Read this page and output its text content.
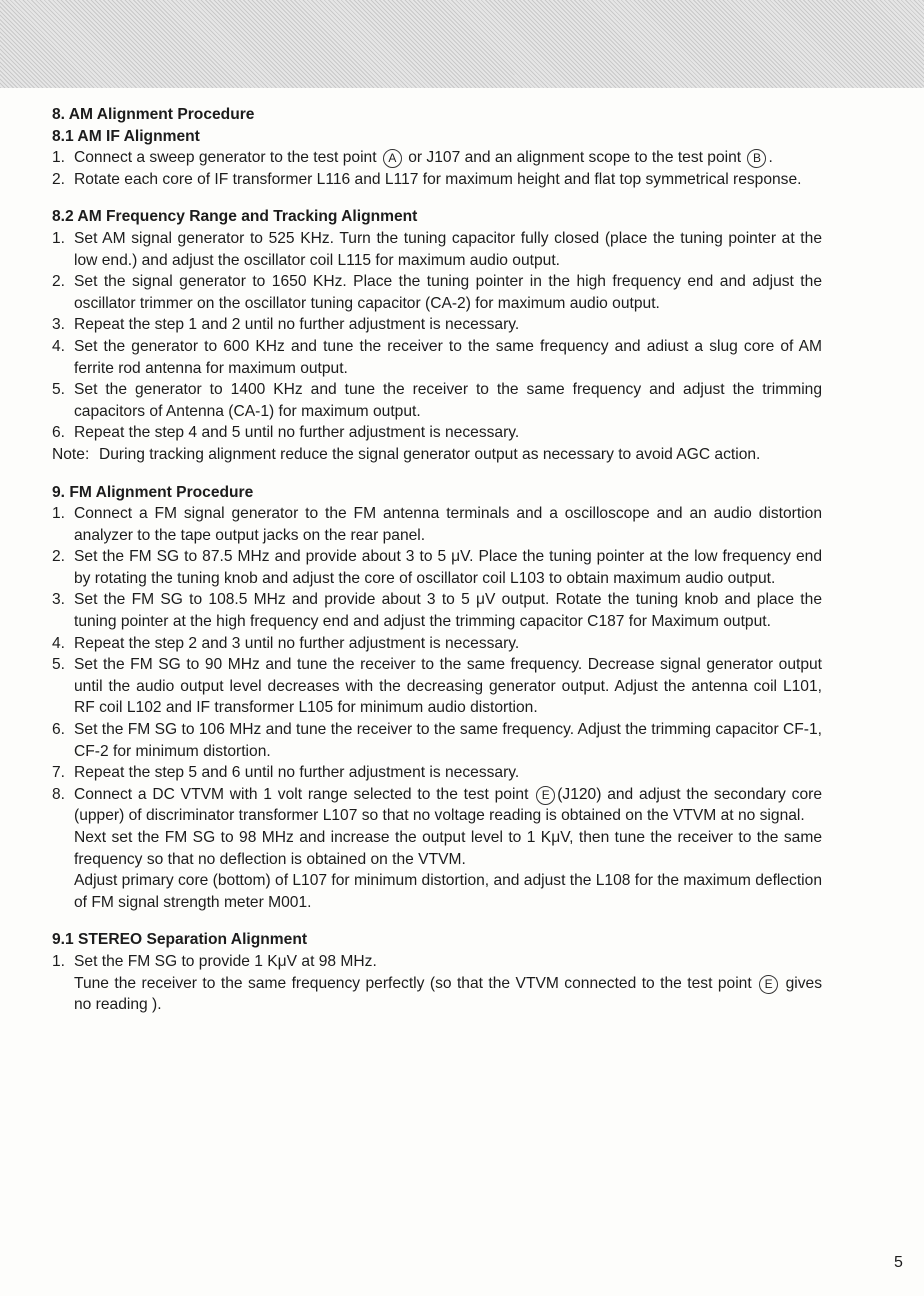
8. AM Alignment Procedure
8.1 AM IF Alignment
1. Connect a sweep generator to the test point A or J107 and an alignment scope to the test point B .
2. Rotate each core of IF transformer L116 and L117 for maximum height and flat top symmetrical response.
8.2 AM Frequency Range and Tracking Alignment
1. Set AM signal generator to 525 KHz. Turn the tuning capacitor fully closed (place the tuning pointer at the low end.) and adjust the oscillator coil L115 for maximum audio output.
2. Set the signal generator to 1650 KHz. Place the tuning pointer in the high frequency end and adjust the oscillator trimmer on the oscillator tuning capacitor (CA-2) for maximum audio output.
3. Repeat the step 1 and 2 until no further adjustment is necessary.
4. Set the generator to 600 KHz and tune the receiver to the same frequency and adiust a slug core of AM ferrite rod antenna for maximum output.
5. Set the generator to 1400 KHz and tune the receiver to the same frequency and adjust the trimming capacitors of Antenna (CA-1) for maximum output.
6. Repeat the step 4 and 5 until no further adjustment is necessary.
Note: During tracking alignment reduce the signal generator output as necessary to avoid AGC action.
9. FM Alignment Procedure
1. Connect a FM signal generator to the FM antenna terminals and a oscilloscope and an audio distortion analyzer to the tape output jacks on the rear panel.
2. Set the FM SG to 87.5 MHz and provide about 3 to 5 μV. Place the tuning pointer at the low frequency end by rotating the tuning knob and adjust the core of oscillator coil L103 to obtain maximum audio output.
3. Set the FM SG to 108.5 MHz and provide about 3 to 5 μV output. Rotate the tuning knob and place the tuning pointer at the high frequency end and adjust the trimming capacitor C187 for Maximum output.
4. Repeat the step 2 and 3 until no further adjustment is necessary.
5. Set the FM SG to 90 MHz and tune the receiver to the same frequency. Decrease signal generator output until the audio output level decreases with the decreasing generator output. Adjust the antenna coil L101, RF coil L102 and IF transformer L105 for minimum audio distortion.
6. Set the FM SG to 106 MHz and tune the receiver to the same frequency. Adjust the trimming capacitor CF-1, CF-2 for minimum distortion.
7. Repeat the step 5 and 6 until no further adjustment is necessary.
8. Connect a DC VTVM with 1 volt range selected to the test point E (J120) and adjust the secondary core (upper) of discriminator transformer L107 so that no voltage reading is obtained on the VTVM at no signal.
Next set the FM SG to 98 MHz and increase the output level to 1 KμV, then tune the receiver to the same frequency so that no deflection is obtained on the VTVM.
Adjust primary core (bottom) of L107 for minimum distortion, and adjust the L108 for the maximum deflection of FM signal strength meter M001.
9.1 STEREO Separation Alignment
1. Set the FM SG to provide 1 KμV at 98 MHz.
Tune the receiver to the same frequency perfectly (so that the VTVM connected to the test point E gives no reading ).
5
